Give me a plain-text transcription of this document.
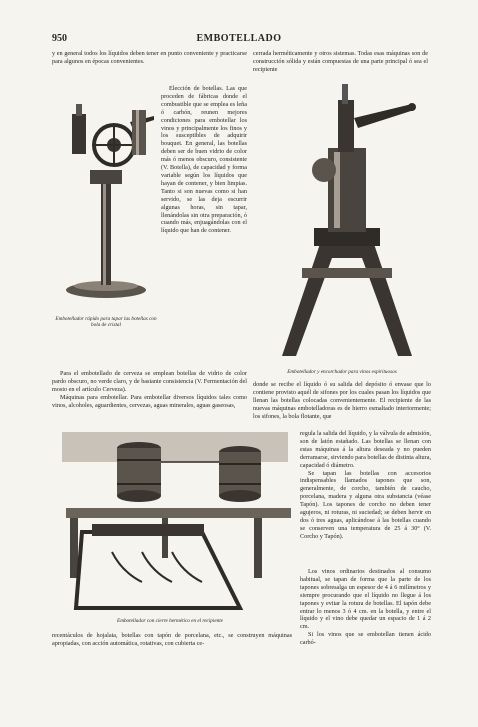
EMBOTELLADO
950

y en general todos los líquidos deben tener en punto conveniente y practicarse para algunos en épocas convenientes.

Embotellador rápido para tapar las botellas con bola de cristal

Elección de botellas. Las que proceden de fábricas donde el combustible que se emplea es leña ó carbón, reunen mejores condiciones para embotellar los vinos y principalmente los finos y los susceptibles de adquirir bouquet. En general, las botellas deben ser de buen vidrio de color más ó menos obscuro, consistente (V. Botella), de capacidad y forma variable según los líquidos que hayan de contener, y bien limpias. Tanto si son nuevas como si han servido, se las deja escurrir algunas horas, sin tapar, llenándolas sin otra preparación, ó cuando más, enjuagándolas con el líquido que han de contener.

cerrada herméticamente y otros sistemas. Todas esas máquinas son de construcción sólida y están compuestas de una parte principal ó sea el recipiente

Embotellador y encorchador para vinos espirituosos

Para el embotellado de cerveza se emplean botellas de vidrio de color pardo obscuro, no verde claro, y de bastante consistencia (V. Fermentación del mosto en el artículo Cerveza).

Máquinas para embotellar. Para embotellar diversos líquidos tales como vinos, alcoholes, aguardientes, cervezas, aguas minerales, aguas gaseosas,

donde se recibe el líquido ó su salida del depósito ó envase que lo contiene provisto aquél de sifones por los cuales pasan los líquidos que llenan las botellas colocadas convenientemente. El recipiente de las nuevas máquinas embotelladoras es de hierro esmaltado interiormente; los sifones, la bola flotante, que

Embotellador con cierre hermético en el recipiente

regula la salida del líquido, y la válvula de admisión, son de latón estañado. Las botellas se llenan con estas máquinas á la altura deseada y no pueden derramarse, sirviendo para botellas de distinta altura, capacidad ó diámetro.

Se tapan las botellas con accesorios indispensables llamados tapones que son, generalmente, de corcho, también de caucho, porcelana, madera y alguna otra substancia (véase Tapón). Los tapones de corcho no deben tener agujeros, ni roturas, ni suciedad; se deben hervir en dos ó tres aguas, aplicándose á las botellas cuando se conserven una temperatura de 25 á 30° (V. Corcho y Tapón).

Los vinos ordinarios destinados al consumo habitual, se tapan de forma que la parte de los tapones sobresalga un espesor de 4 á 6 milímetros y siempre procurando que el líquido no llegue á los tapones y evitar la rotura de botellas. El tapón debe entrar lo menos 3 ó 4 cm. en la botella, y entre el líquido y el vino debe quedar un espacio de 1 á 2 cm.

Si los vinos que se embotellan tienen ácido carbó-

recentáculos de hojalata, botellas con tapón de porcelana, etc., se construyen máquinas apropiadas, con acción automática, rotativas, con cubierta ce-
